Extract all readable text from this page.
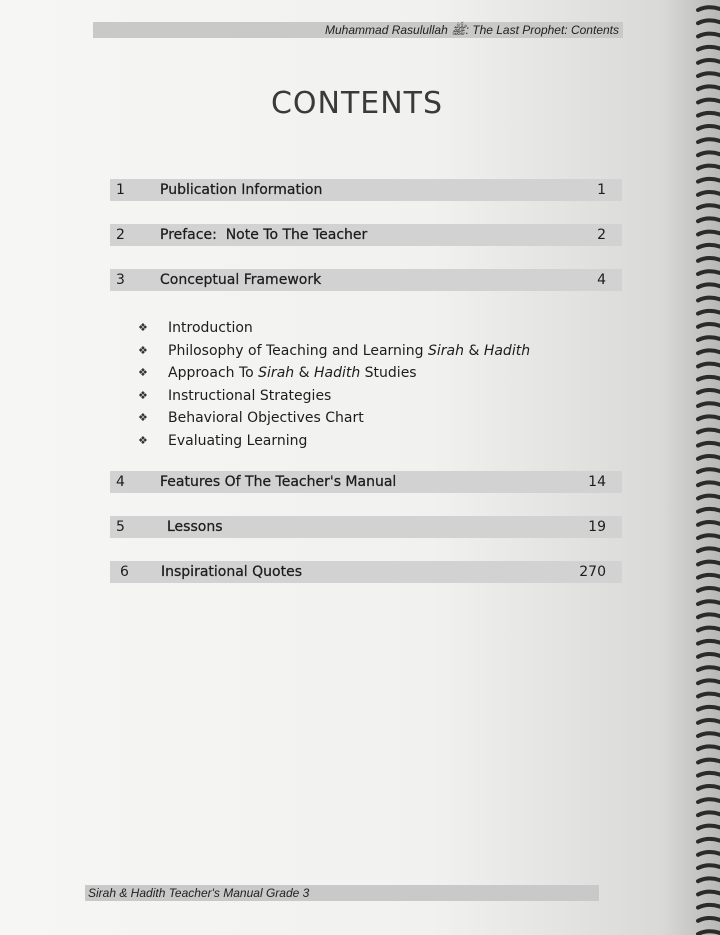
Muhammad Rasulullah ﷺ: The Last Prophet: Contents
CONTENTS
1	Publication Information	1
2	Preface:  Note To The Teacher	2
3	Conceptual Framework	4
❖ Introduction
❖ Philosophy of Teaching and Learning Sirah & Hadith
❖ Approach To Sirah & Hadith Studies
❖ Instructional Strategies
❖ Behavioral Objectives Chart
❖ Evaluating Learning
4	Features Of The Teacher's Manual	14
5	Lessons	19
6 Inspirational Quotes	270
Sirah & Hadith Teacher's Manual Grade 3
